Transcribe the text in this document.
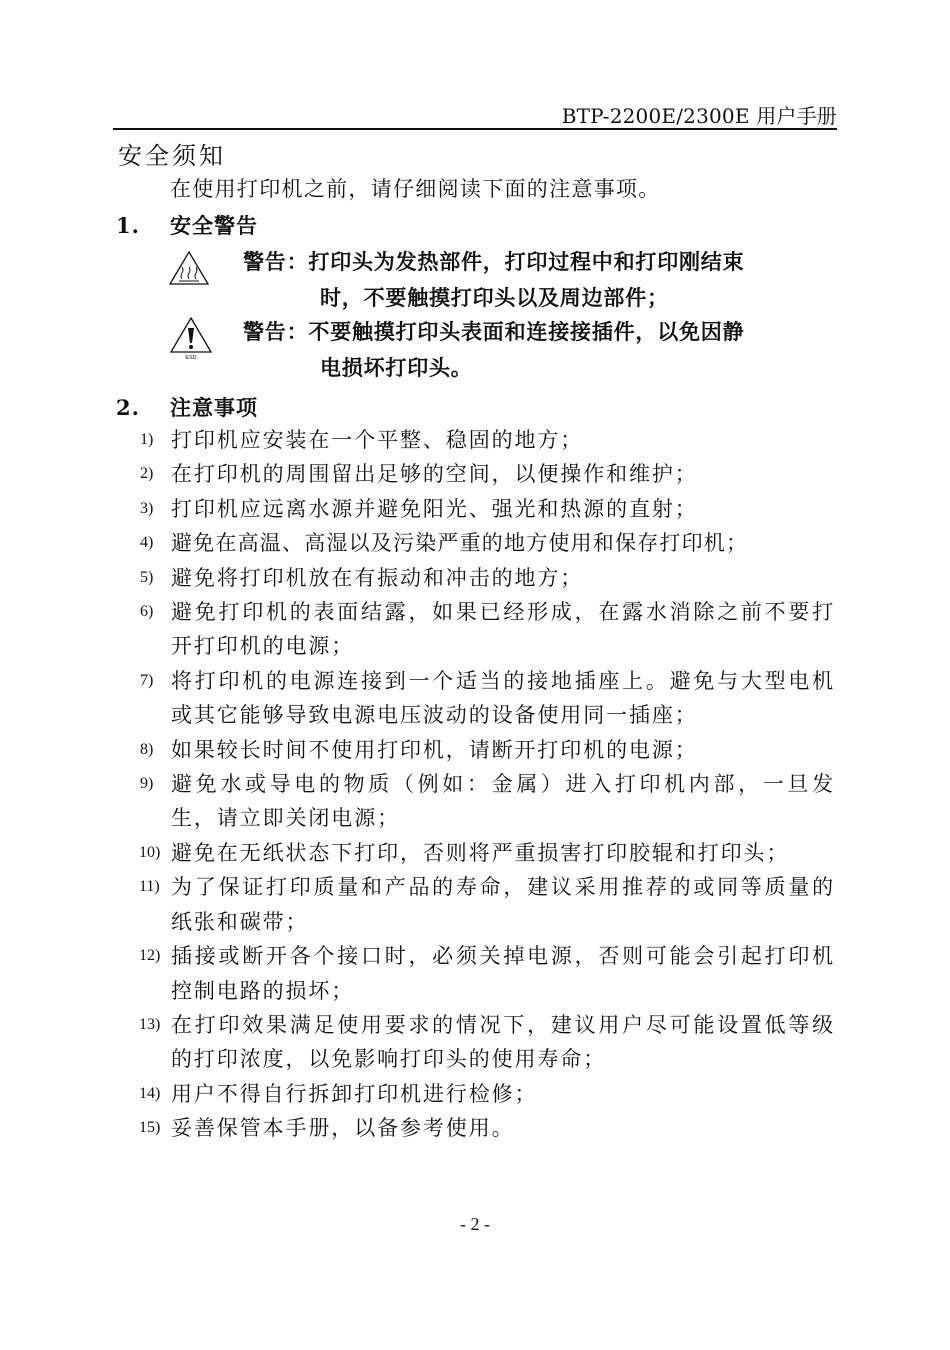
BTP-2200E/2300E 用户手册
安全须知
在使用打印机之前，请仔细阅读下面的注意事项。
1. 安全警告
警告：打印头为发热部件，打印过程中和打印刚结束
时，不要触摸打印头以及周边部件；
ESD
警告：不要触摸打印头表面和连接接插件，以免因静
电损坏打印头。
2. 注意事项
1) 打印机应安装在一个平整、稳固的地方；
2) 在打印机的周围留出足够的空间，以便操作和维护；
3) 打印机应远离水源并避免阳光、强光和热源的直射；
4) 避免在高温、高湿以及污染严重的地方使用和保存打印机；
5) 避免将打印机放在有振动和冲击的地方；
6) 避免打印机的表面结露，如果已经形成，在露水消除之前不要打开打印机的电源；
7) 将打印机的电源连接到一个适当的接地插座上。避免与大型电机或其它能够导致电源电压波动的设备使用同一插座；
8) 如果较长时间不使用打印机，请断开打印机的电源；
9) 避免水或导电的物质（例如：金属）进入打印机内部，一旦发生，请立即关闭电源；
10) 避免在无纸状态下打印，否则将严重损害打印胶辊和打印头；
11) 为了保证打印质量和产品的寿命，建议采用推荐的或同等质量的纸张和碳带；
12) 插接或断开各个接口时，必须关掉电源，否则可能会引起打印机控制电路的损坏；
13) 在打印效果满足使用要求的情况下，建议用户尽可能设置低等级的打印浓度，以免影响打印头的使用寿命；
14) 用户不得自行拆卸打印机进行检修；
15) 妥善保管本手册，以备参考使用。
- 2 -
